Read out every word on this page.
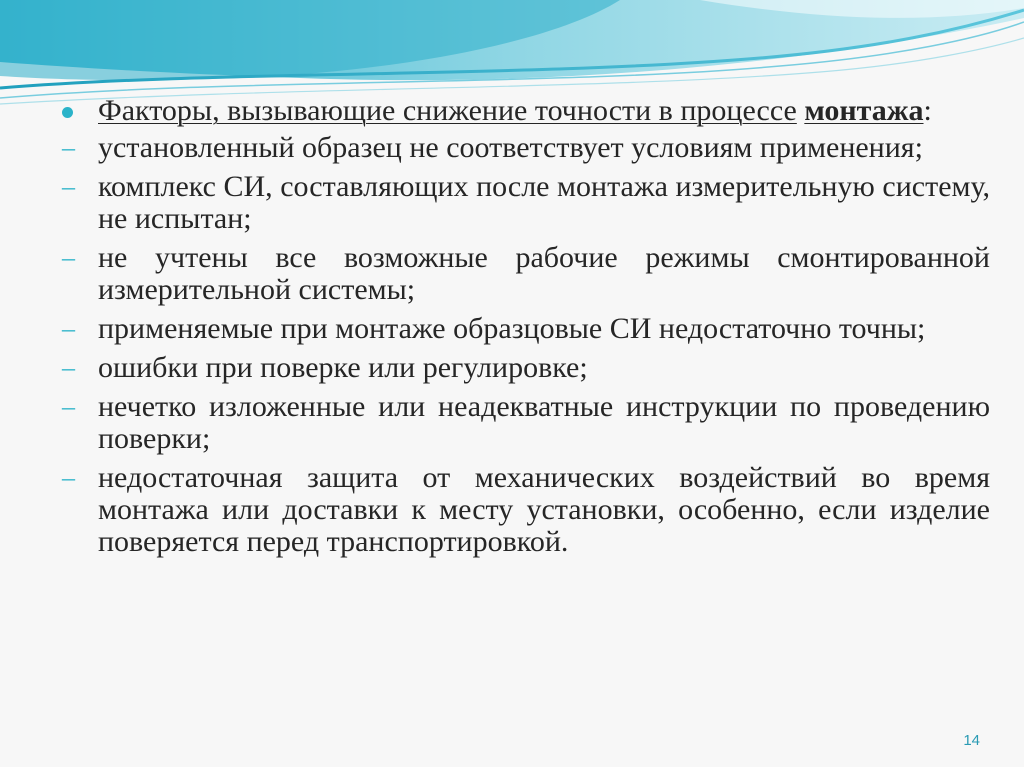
Факторы, вызывающие снижение точности в процессе монтажа:
– установленный образец не соответствует условиям применения;
– комплекс СИ, составляющих после монтажа измерительную систему, не испытан;
– не учтены все возможные рабочие режимы смонтированной измерительной системы;
– применяемые при монтаже образцовые СИ недостаточно точны;
– ошибки при поверке или регулировке;
– нечетко изложенные или неадекватные инструкции по проведению поверки;
– недостаточная защита от механических воздействий во время монтажа или доставки к месту установки, особенно, если изделие поверяется перед транспортировкой.
14
